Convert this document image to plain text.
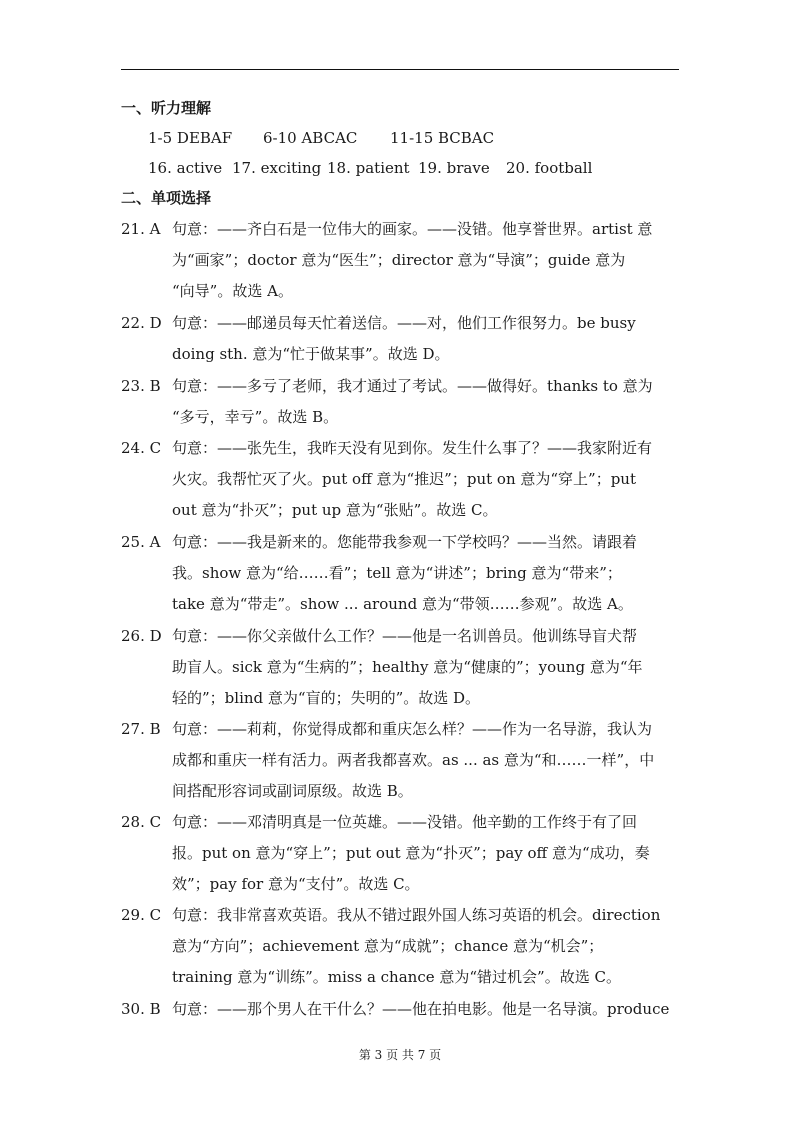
一、听力理解
1-5 DEBAF 6-10 ABCAC 11-15 BCBAC
16. active 17. exciting 18. patient 19. brave 20. football
二、单项选择
21. A 句意：——齐白石是一位伟大的画家。——没错。他享誉世界。artist 意
为“画家”；doctor 意为“医生”；director 意为“导演”；guide 意为
“向导”。故选 A。
22. D 句意：——邮递员每天忙着送信。——对，他们工作很努力。be busy
doing sth. 意为“忙于做某事”。故选 D。
23. B 句意：——多亏了老师，我才通过了考试。——做得好。thanks to 意为
“多亏，幸亏”。故选 B。
24. C 句意：——张先生，我昨天没有见到你。发生什么事了？——我家附近有
火灾。我帮忙灭了火。put off 意为“推迟”；put on 意为“穿上”；put
out 意为“扑灭”；put up 意为“张贴”。故选 C。
25. A 句意：——我是新来的。您能带我参观一下学校吗？——当然。请跟着
我。show 意为“给……看”；tell 意为“讲述”；bring 意为“带来”；
take 意为“带走”。show ... around 意为“带领……参观”。故选 A。
26. D 句意：——你父亲做什么工作？——他是一名训兽员。他训练导盲犬帮
助盲人。sick 意为“生病的”；healthy 意为“健康的”；young 意为“年
轻的”；blind 意为“盲的；失明的”。故选 D。
27. B 句意：——莉莉，你觉得成都和重庆怎么样？——作为一名导游，我认为
成都和重庆一样有活力。两者我都喜欢。as ... as 意为“和……一样”，中
间搭配形容词或副词原级。故选 B。
28. C 句意：——邓清明真是一位英雄。——没错。他辛勤的工作终于有了回
报。put on 意为“穿上”；put out 意为“扑灭”；pay off 意为“成功，奏
效”；pay for 意为“支付”。故选 C。
29. C 句意：我非常喜欢英语。我从不错过跟外国人练习英语的机会。direction
意为“方向”；achievement 意为“成就”；chance 意为“机会”；
training 意为“训练”。miss a chance 意为“错过机会”。故选 C。
30. B 句意：——那个男人在干什么？——他在拍电影。他是一名导演。produce
第 3 页 共 7 页
